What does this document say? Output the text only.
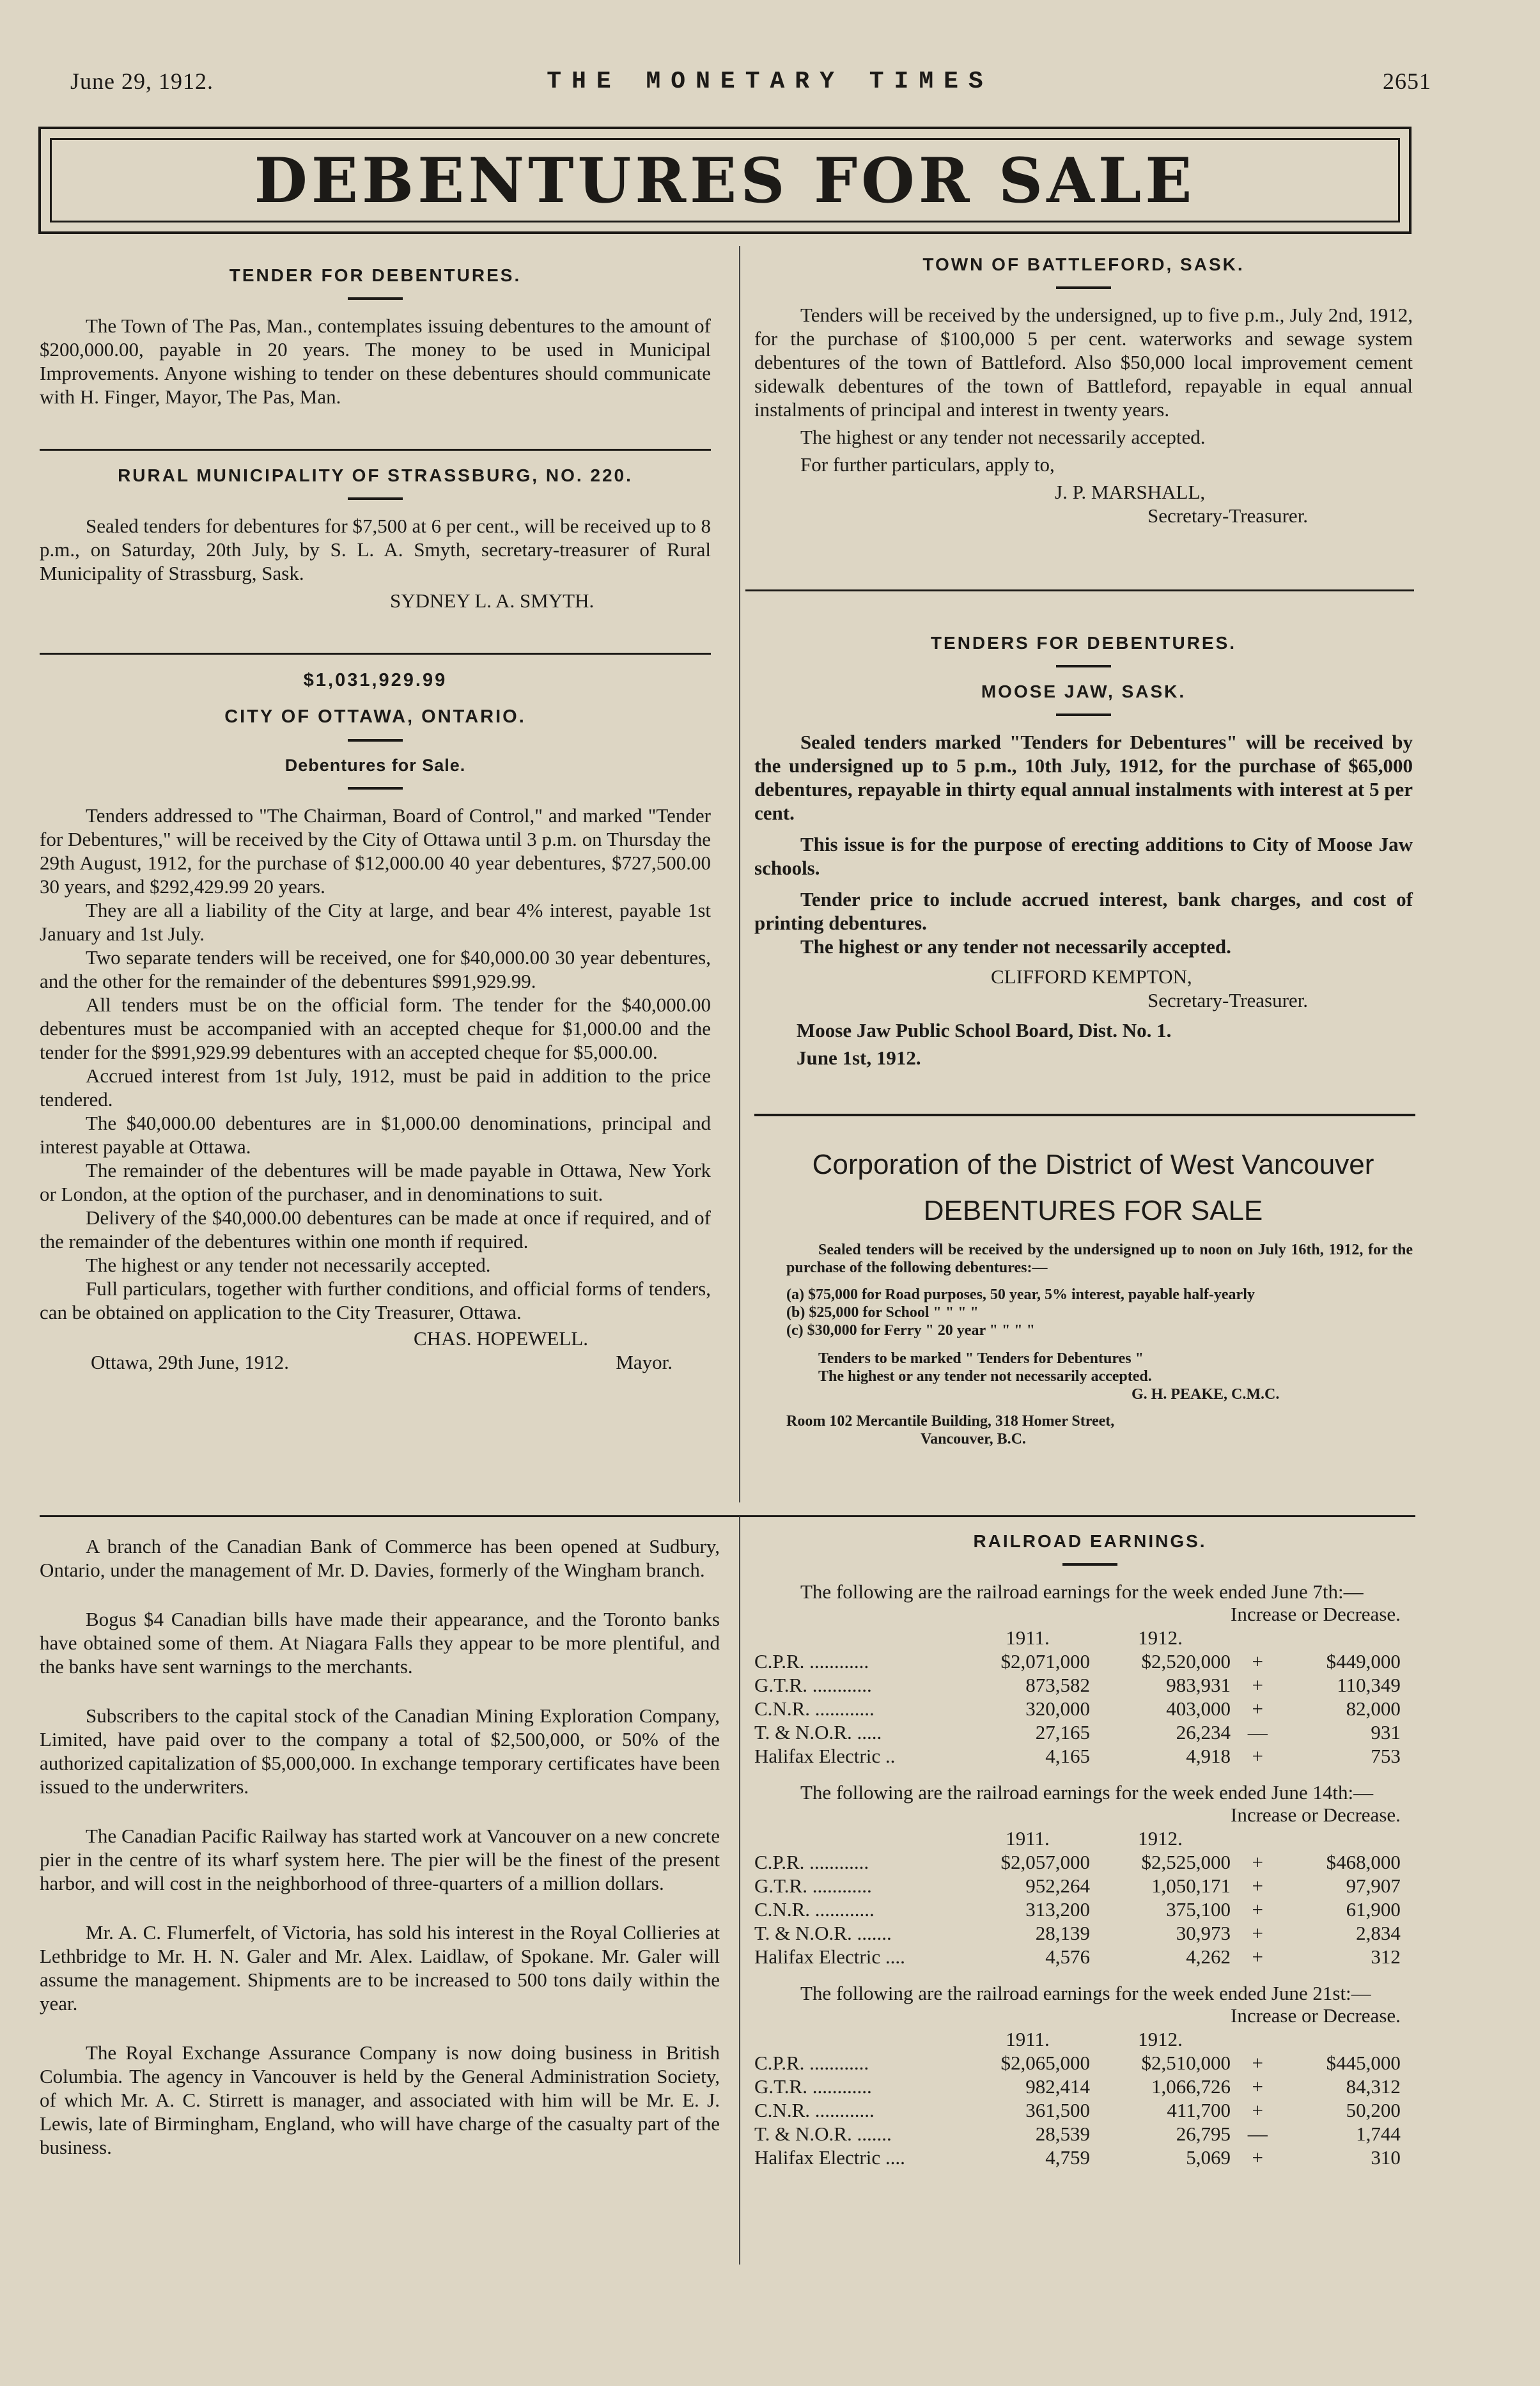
June 29, 1912.	THE MONETARY TIMES	2651
DEBENTURES FOR SALE
TENDER FOR DEBENTURES.

The Town of The Pas, Man., contemplates issuing debentures to the amount of $200,000.00, payable in 20 years. The money to be used in Municipal Improvements. Anyone wishing to tender on these debentures should communicate with H. Finger, Mayor, The Pas, Man.

RURAL MUNICIPALITY OF STRASSBURG, NO. 220.

Sealed tenders for debentures for $7,500 at 6 per cent., will be received up to 8 p.m., on Saturday, 20th July, by S. L. A. Smyth, secretary-treasurer of Rural Municipality of Strassburg, Sask.

SYDNEY L. A. SMYTH.
$1,031,929.99
CITY OF OTTAWA, ONTARIO.
Debentures for Sale.

Tenders addressed to "The Chairman, Board of Control," and marked "Tender for Debentures," will be received by the City of Ottawa until 3 p.m. on Thursday the 29th August, 1912, for the purchase of $12,000.00 40 year debentures, $727,500.00 30 years, and $292,429.99 20 years.

They are all a liability of the City at large, and bear 4% interest, payable 1st January and 1st July.

Two separate tenders will be received, one for $40,000.00 30 year debentures, and the other for the remainder of the debentures $991,929.99.

All tenders must be on the official form. The tender for the $40,000.00 debentures must be accompanied with an accepted cheque for $1,000.00 and the tender for the $991,929.99 debentures with an accepted cheque for $5,000.00.

Accrued interest from 1st July, 1912, must be paid in addition to the price tendered.

The $40,000.00 debentures are in $1,000.00 denominations, principal and interest payable at Ottawa.

The remainder of the debentures will be made payable in Ottawa, New York or London, at the option of the purchaser, and in denominations to suit.

Delivery of the $40,000.00 debentures can be made at once if required, and of the remainder of the debentures within one month if required.

The highest or any tender not necessarily accepted.

Full particulars, together with further conditions, and official forms of tenders, can be obtained on application to the City Treasurer, Ottawa.

CHAS. HOPEWELL.
Ottawa, 29th June, 1912.	Mayor.
TOWN OF BATTLEFORD, SASK.

Tenders will be received by the undersigned, up to five p.m., July 2nd, 1912, for the purchase of $100,000 5 per cent. waterworks and sewage system debentures of the town of Battleford. Also $50,000 local improvement cement sidewalk debentures of the town of Battleford, repayable in equal annual instalments of principal and interest in twenty years.

The highest or any tender not necessarily accepted.

For further particulars, apply to,

J. P. MARSHALL,
Secretary-Treasurer.
TENDERS FOR DEBENTURES.
MOOSE JAW, SASK.

Sealed tenders marked "Tenders for Debentures" will be received by the undersigned up to 5 p.m., 10th July, 1912, for the purchase of $65,000 debentures, repayable in thirty equal annual instalments with interest at 5 per cent.

This issue is for the purpose of erecting additions to City of Moose Jaw schools.

Tender price to include accrued interest, bank charges, and cost of printing debentures.

The highest or any tender not necessarily accepted.

CLIFFORD KEMPTON,
Secretary-Treasurer.
Moose Jaw Public School Board, Dist. No. 1.
June 1st, 1912.
Corporation of the District of West Vancouver
DEBENTURES FOR SALE
Sealed tenders will be received by the undersigned up to noon on July 16th, 1912, for the purchase of the following debentures:—
(a) $75,000 for Road purposes, 50 year, 5% interest, payable half-yearly
(b) $25,000 for School " " " "
(c) $30,000 for Ferry " 20 year " " " "
Tenders to be marked " Tenders for Debentures "
The highest or any tender not necessarily accepted.
G. H. PEAKE, C.M.C.
Room 102 Mercantile Building, 318 Homer Street,
Vancouver, B.C.

A branch of the Canadian Bank of Commerce has been opened at Sudbury, Ontario, under the management of Mr. D. Davies, formerly of the Wingham branch.

Bogus $4 Canadian bills have made their appearance, and the Toronto banks have obtained some of them. At Niagara Falls they appear to be more plentiful, and the banks have sent warnings to the merchants.

Subscribers to the capital stock of the Canadian Mining Exploration Company, Limited, have paid over to the company a total of $2,500,000, or 50% of the authorized capitalization of $5,000,000. In exchange temporary certificates have been issued to the underwriters.

The Canadian Pacific Railway has started work at Vancouver on a new concrete pier in the centre of its wharf system here. The pier will be the finest of the present harbor, and will cost in the neighborhood of three-quarters of a million dollars.

Mr. A. C. Flumerfelt, of Victoria, has sold his interest in the Royal Collieries at Lethbridge to Mr. H. N. Galer and Mr. Alex. Laidlaw, of Spokane. Mr. Galer will assume the management. Shipments are to be increased to 500 tons daily within the year.

The Royal Exchange Assurance Company is now doing business in British Columbia. The agency in Vancouver is held by the General Administration Society, of which Mr. A. C. Stirrett is manager, and associated with him will be Mr. E. J. Lewis, late of Birmingham, England, who will have charge of the casualty part of the business.

RAILROAD EARNINGS.

The following are the railroad earnings for the week ended June 7th:—

			Increase or Decrease.	
	1911.	1912.		
C.P.R. ............	$2,071,000	$2,520,000	+	$449,000
G.T.R. ............	873,582	983,931	+	110,349
C.N.R. ............	320,000	403,000	+	82,000
T. & N.O.R. .....	27,165	26,234	—	931
Halifax Electric ..	4,165	4,918	+	753

The following are the railroad earnings for the week ended June 14th:—

			Increase or Decrease.	
	1911.	1912.		
C.P.R. ............	$2,057,000	$2,525,000	+	$468,000
G.T.R. ............	952,264	1,050,171	+	97,907
C.N.R. ............	313,200	375,100	+	61,900
T. & N.O.R. .......	28,139	30,973	+	2,834
Halifax Electric ....	4,576	4,262	+	312

The following are the railroad earnings for the week ended June 21st:—

			Increase or Decrease.	
	1911.	1912.		
C.P.R. ............	$2,065,000	$2,510,000	+	$445,000
G.T.R. ............	982,414	1,066,726	+	84,312
C.N.R. ............	361,500	411,700	+	50,200
T. & N.O.R. .......	28,539	26,795	—	1,744
Halifax Electric ....	4,759	5,069	+	310
